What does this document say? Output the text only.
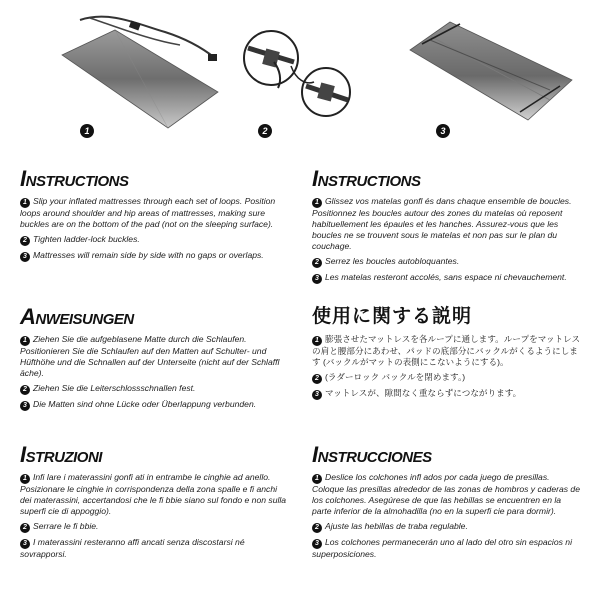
1	2	3
Instructions

1 Slip your inflated mattresses through each set of loops. Position loops around shoulder and hip areas of mattresses, making sure buckles are on the bottom of the pad (not on the sleeping surface).

2 Tighten ladder-lock buckles.

3 Mattresses will remain side by side with no gaps or overlaps.

Instructions

1 Glissez vos matelas gonfl és dans chaque ensemble de boucles. Positionnez les boucles autour des zones du matelas où reposent habituellement les épaules et les hanches. Assurez-vous que les boucles ne se trouvent sous le matelas et non pas sur le plan du couchage.

2 Serrez les boucles autobloquantes.

3 Les matelas resteront accolés, sans espace ni chevauchement.

Anweisungen

1 Ziehen Sie die aufgeblasene Matte durch die Schlaufen. Positionieren Sie die Schlaufen auf den Matten auf Schulter- und Hüfthöhe und die Schnallen auf der Unterseite (nicht auf der Schlaffl äche).

2 Ziehen Sie die Leiterschlossschnallen fest.

3 Die Matten sind ohne Lücke oder Überlappung verbunden.

使用に関する説明

1 膨張させたマットレスを各ループに通します。ループをマットレスの肩と腰部分にあわせ、パッドの底部分にバックルがくるようにします (バックルがマットの表側にこないようにする)。

2 (ラダーロック バックルを閉めます。)

3 マットレスが、隙間なく重ならずにつながります。

Istruzioni

1 Infi lare i materassini gonfi ati in entrambe le cinghie ad anello. Posizionare le cinghie in corrispondenza della zona spalle e fi anchi dei materassini, accertandosi che le fi bbie siano sul fondo e non sulla superfi cie di appoggio).

2 Serrare le fi bbie.

3 I materassini resteranno affi ancati senza discostarsi né sovrapporsi.

Instrucciones

1 Deslice los colchones infl ados por cada juego de presillas. Coloque las presillas alrededor de las zonas de hombros y caderas de los colchones. Asegúrese de que las hebillas se encuentren en la parte inferior de la almohadilla (no en la superfi cie para dormir).

2 Ajuste las hebillas de traba regulable.

3 Los colchones permanecerán uno al lado del otro sin espacios ni superposiciones.
